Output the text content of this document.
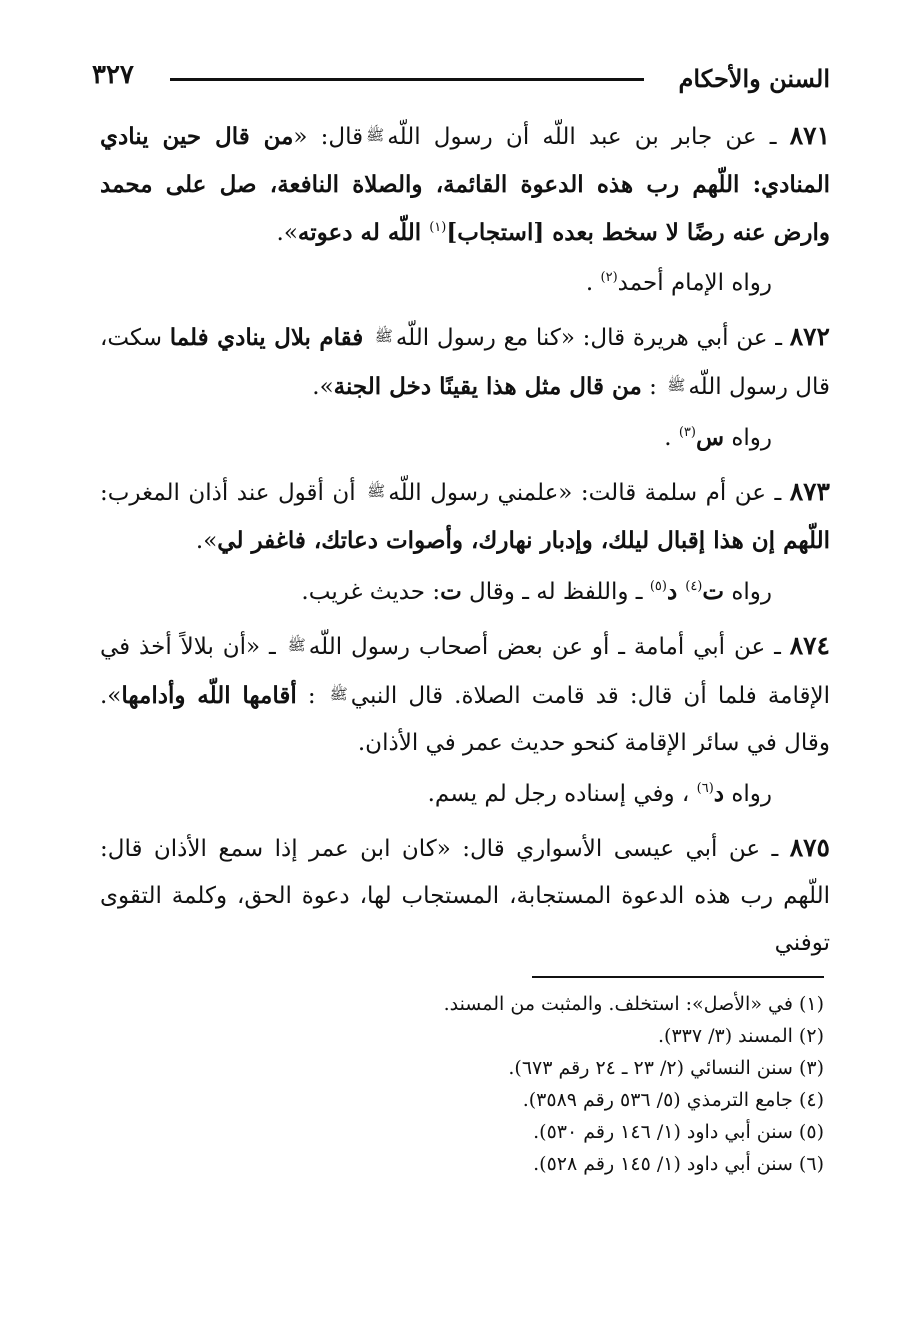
السنن والأحكام
٣٢٧

٨٧١ ـ عن جابر بن عبد اللّه أن رسول اللّهﷺقال: «من قال حين ينادي المنادي: اللّهم رب هذه الدعوة القائمة، والصلاة النافعة، صل على محمد وارض عنه رضًا لا سخط بعده [استجاب]$^{(١)}$ اللّه له دعوته».

رواه الإمام أحمد$^{(٢)}$ .

٨٧٢ ـ عن أبي هريرة قال: «كنا مع رسول اللّهﷺ فقام بلال ينادي فلما سكت، قال رسول اللّهﷺ : من قال مثل هذا يقينًا دخل الجنة».

رواه س$^{(٣)}$ .

٨٧٣ ـ عن أم سلمة قالت: «علمني رسول اللّهﷺ أن أقول عند أذان المغرب: اللّهم إن هذا إقبال ليلك، وإدبار نهارك، وأصوات دعاتك، فاغفر لي».

رواه ت$^{(٤)}$ د$^{(٥)}$ ـ واللفظ له ـ وقال ت: حديث غريب.

٨٧٤ ـ عن أبي أمامة ـ أو عن بعض أصحاب رسول اللّهﷺ ـ «أن بلالاً أخذ في الإقامة فلما أن قال: قد قامت الصلاة. قال النبيﷺ : أقامها اللّه وأدامها». وقال في سائر الإقامة كنحو حديث عمر في الأذان.

رواه د$^{(٦)}$ ، وفي إسناده رجل لم يسم.

٨٧٥ ـ عن أبي عيسى الأسواري قال: «كان ابن عمر إذا سمع الأذان قال: اللّهم رب هذه الدعوة المستجابة، المستجاب لها، دعوة الحق، وكلمة التقوى توفني

(١) في «الأصل»: استخلف. والمثبت من المسند.

(٢) المسند (٣/ ٣٣٧).

(٣) سنن النسائي (٢/ ٢٣ ـ ٢٤ رقم ٦٧٣).

(٤) جامع الترمذي (٥/ ٥٣٦ رقم ٣٥٨٩).

(٥) سنن أبي داود (١/ ١٤٦ رقم ٥٣٠).

(٦) سنن أبي داود (١/ ١٤٥ رقم ٥٢٨).
